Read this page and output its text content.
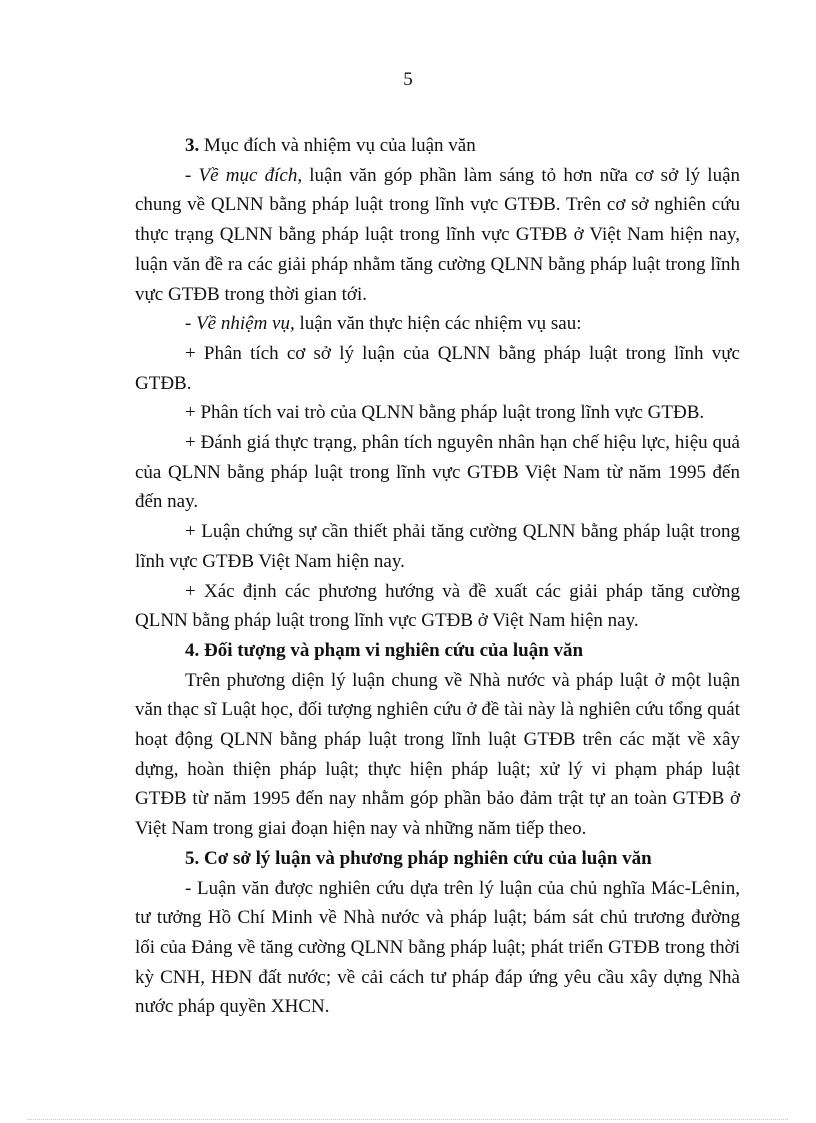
5

3. Mục đích và nhiệm vụ của luận văn

- Về mục đích, luận văn góp phần làm sáng tỏ hơn nữa cơ sở lý luận chung về QLNN bằng pháp luật trong lĩnh vực GTĐB. Trên cơ sở nghiên cứu thực trạng QLNN bằng pháp luật trong lĩnh vực GTĐB ở Việt Nam hiện nay, luận văn đề ra các giải pháp nhằm tăng cường QLNN bằng pháp luật trong lĩnh vực GTĐB trong thời gian tới.

- Về nhiệm vụ, luận văn thực hiện các nhiệm vụ sau:

+ Phân tích cơ sở lý luận của QLNN bằng pháp luật trong lĩnh vực GTĐB.

+ Phân tích vai trò của QLNN bằng pháp luật trong lĩnh vực GTĐB.

+ Đánh giá thực trạng, phân tích nguyên nhân hạn chế hiệu lực, hiệu quả của QLNN bằng pháp luật trong lĩnh vực GTĐB Việt Nam từ năm 1995 đến đến nay.

+ Luận chứng sự cần thiết phải tăng cường QLNN bằng pháp luật trong lĩnh vực GTĐB Việt Nam hiện nay.

+ Xác định các phương hướng và đề xuất các giải pháp tăng cường QLNN bằng pháp luật trong lĩnh vực GTĐB ở Việt Nam hiện nay.

4. Đối tượng và phạm vi nghiên cứu của luận văn

Trên phương diện lý luận chung về Nhà nước và pháp luật ở một luận văn thạc sĩ Luật học, đối tượng nghiên cứu ở đề tài này là nghiên cứu tổng quát hoạt động QLNN bằng pháp luật trong lĩnh luật GTĐB trên các mặt về xây dựng, hoàn thiện pháp luật; thực hiện pháp luật; xử lý vi phạm pháp luật GTĐB từ năm 1995 đến nay nhằm góp phần bảo đảm trật tự an toàn GTĐB ở Việt Nam trong giai đoạn hiện nay và những năm tiếp theo.

5. Cơ sở lý luận và phương pháp nghiên cứu của luận văn

- Luận văn được nghiên cứu dựa trên lý luận của chủ nghĩa Mác-Lênin, tư tưởng Hồ Chí Minh về Nhà nước và pháp luật; bám sát chủ trương đường lối của Đảng về tăng cường QLNN bằng pháp luật; phát triển GTĐB trong thời kỳ CNH, HĐN đất nước; về cải cách tư pháp đáp ứng yêu cầu xây dựng Nhà nước pháp quyền XHCN.
